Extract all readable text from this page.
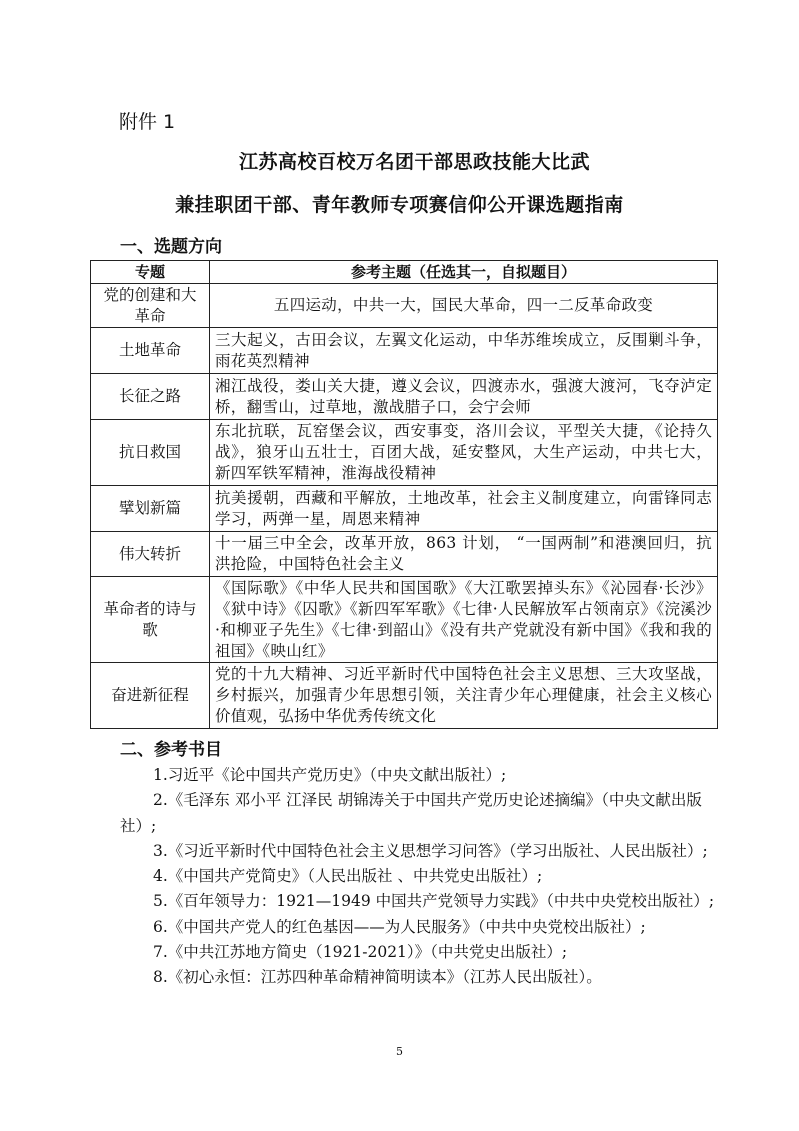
附件 1
江苏高校百校万名团干部思政技能大比武
兼挂职团干部、青年教师专项赛信仰公开课选题指南
一、选题方向
专题	参考主题（任选其一，自拟题目）
党的创建和大革命	五四运动，中共一大，国民大革命，四一二反革命政变
土地革命	三大起义，古田会议，左翼文化运动，中华苏维埃成立，反围剿斗争，雨花英烈精神
长征之路	湘江战役，娄山关大捷，遵义会议，四渡赤水，强渡大渡河，飞夺泸定桥，翻雪山，过草地，激战腊子口，会宁会师
抗日救国	东北抗联，瓦窑堡会议，西安事变，洛川会议，平型关大捷，《论持久战》，狼牙山五壮士，百团大战，延安整风，大生产运动，中共七大，新四军铁军精神，淮海战役精神
擘划新篇	抗美援朝，西藏和平解放，土地改革，社会主义制度建立，向雷锋同志学习，两弹一星，周恩来精神
伟大转折	十一届三中全会，改革开放，863 计划， “一国两制”和港澳回归，抗洪抢险，中国特色社会主义
革命者的诗与歌	《国际歌》《中华人民共和国国歌》《大江歌罢掉头东》《沁园春·长沙》《狱中诗》《囚歌》《新四军军歌》《七律·人民解放军占领南京》《浣溪沙·和柳亚子先生》《七律·到韶山》《没有共产党就没有新中国》《我和我的祖国》《映山红》
奋进新征程	党的十九大精神、习近平新时代中国特色社会主义思想、三大攻坚战，乡村振兴，加强青少年思想引领，关注青少年心理健康，社会主义核心价值观，弘扬中华优秀传统文化
二、参考书目

1.习近平《论中国共产党历史》（中央文献出版社）;

2.《毛泽东 邓小平 江泽民 胡锦涛关于中国共产党历史论述摘编》（中央文献出版社）;

3.《习近平新时代中国特色社会主义思想学习问答》（学习出版社、人民出版社）;

4.《中国共产党简史》（人民出版社 、中共党史出版社）;

5.《百年领导力：1921—1949 中国共产党领导力实践》（中共中央党校出版社）;

6.《中国共产党人的红色基因——为人民服务》（中共中央党校出版社）;

7.《中共江苏地方简史（1921-2021）》（中共党史出版社）;

8.《初心永恒：江苏四种革命精神简明读本》（江苏人民出版社）。

5
